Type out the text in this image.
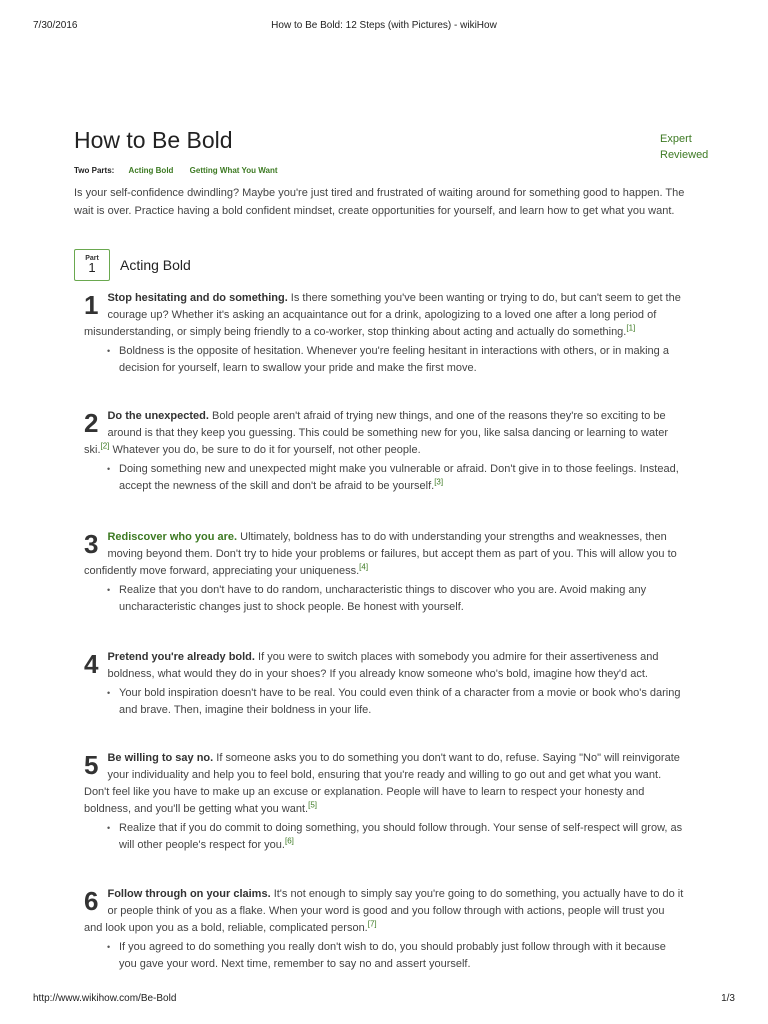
7/30/2016	How to Be Bold: 12 Steps (with Pictures) - wikiHow
How to Be Bold	Expert
Reviewed
Two Parts: Acting Bold Getting What You Want

Is your self-confidence dwindling? Maybe you're just tired and frustrated of waiting around for something good to happen. The wait is over. Practice having a bold confident mindset, create opportunities for yourself, and learn how to get what you want.

Part
1	Acting Bold
1 Stop hesitating and do something. Is there something you've been wanting or trying to do, but can't seem to get the courage up? Whether it's asking an acquaintance out for a drink, apologizing to a loved one after a long period of misunderstanding, or simply being friendly to a co-worker, stop thinking about acting and actually do something.[1]

• Boldness is the opposite of hesitation. Whenever you're feeling hesitant in interactions with others, or in making a decision for yourself, learn to swallow your pride and make the first move.
2 Do the unexpected. Bold people aren't afraid of trying new things, and one of the reasons they're so exciting to be around is that they keep you guessing. This could be something new for you, like salsa dancing or learning to water ski.[2] Whatever you do, be sure to do it for yourself, not other people.

• Doing something new and unexpected might make you vulnerable or afraid. Don't give in to those feelings. Instead, accept the newness of the skill and don't be afraid to be yourself.[3]
3 Rediscover who you are. Ultimately, boldness has to do with understanding your strengths and weaknesses, then moving beyond them. Don't try to hide your problems or failures, but accept them as part of you. This will allow you to confidently move forward, appreciating your uniqueness.[4]

• Realize that you don't have to do random, uncharacteristic things to discover who you are. Avoid making any uncharacteristic changes just to shock people. Be honest with yourself.
4 Pretend you're already bold. If you were to switch places with somebody you admire for their assertiveness and boldness, what would they do in your shoes? If you already know someone who's bold, imagine how they'd act.

• Your bold inspiration doesn't have to be real. You could even think of a character from a movie or book who's daring and brave. Then, imagine their boldness in your life.
5 Be willing to say no. If someone asks you to do something you don't want to do, refuse. Saying "No" will reinvigorate your individuality and help you to feel bold, ensuring that you're ready and willing to go out and get what you want. Don't feel like you have to make up an excuse or explanation. People will have to learn to respect your honesty and boldness, and you'll be getting what you want.[5]

• Realize that if you do commit to doing something, you should follow through. Your sense of self-respect will grow, as will other people's respect for you.[6]
6 Follow through on your claims. It's not enough to simply say you're going to do something, you actually have to do it or people think of you as a flake. When your word is good and you follow through with actions, people will trust you and look upon you as a bold, reliable, complicated person.[7]

• If you agreed to do something you really don't wish to do, you should probably just follow through with it because you gave your word. Next time, remember to say no and assert yourself.
http://www.wikihow.com/Be-Bold	1/3
